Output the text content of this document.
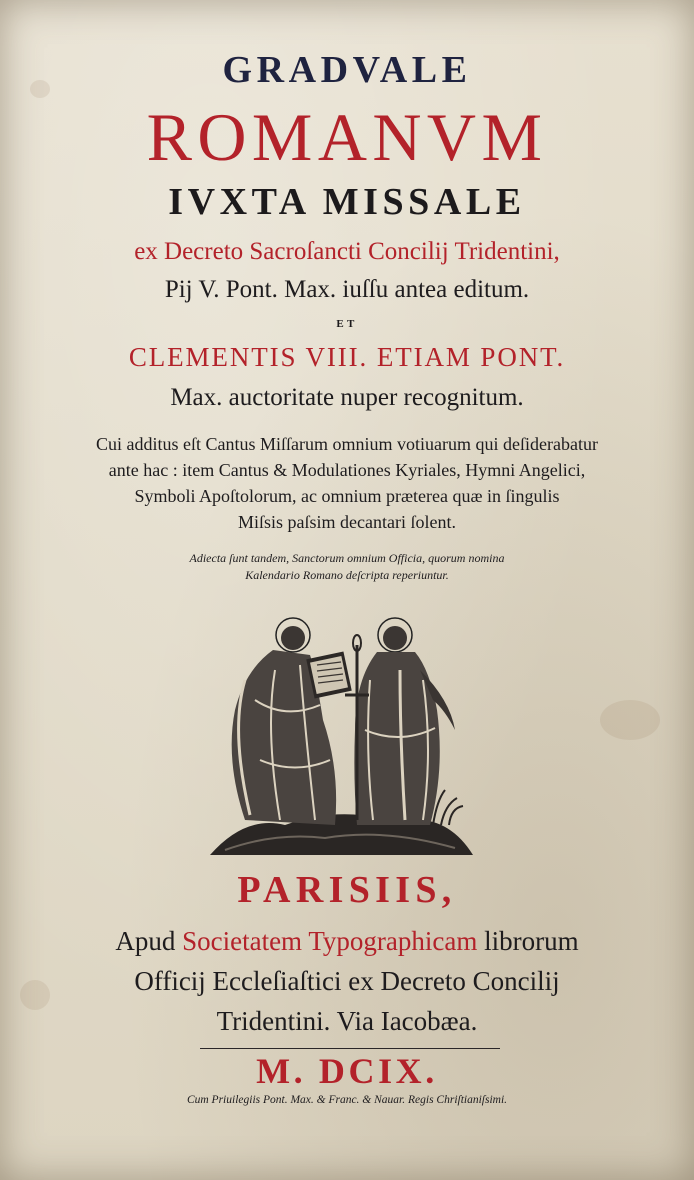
GRADVALE
ROMANVM
IVXTA MISSALE
ex Decreto Sacroſancti Concilij Tridentini,
Pij V. Pont. Max. iuſſu antea editum.
ET
CLEMENTIS VIII. ETIAM PONT.
Max. auctoritate nuper recognitum.
Cui additus eſt Cantus Miſſarum omnium votiuarum qui deſiderabatur
ante hac : item Cantus & Modulationes Kyriales, Hymni Angelici,
Symboli Apoſtolorum, ac omnium præterea quæ in ſingulis
Miſsis paſsim decantari ſolent.
Adiecta ſunt tandem, Sanctorum omnium Officia, quorum nomina
Kalendario Romano deſcripta reperiuntur.
PARISIIS,
Apud Societatem Typographicam librorum
Officij Eccleſiaſtici ex Decreto Concilij
Tridentini. Via Iacobæa.
M. DCIX.
Cum Priuilegiis Pont. Max. & Franc. & Nauar. Regis Chriſtianiſsimi.
